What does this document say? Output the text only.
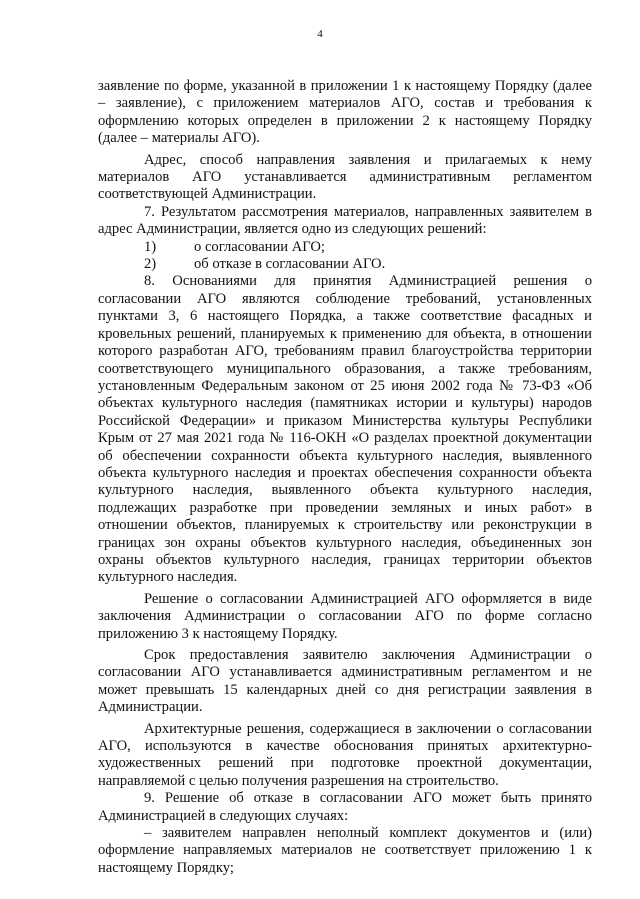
4

заявление по форме, указанной в приложении 1 к настоящему Порядку (далее – заявление), с приложением материалов АГО, состав и требования к оформлению которых определен в приложении 2 к настоящему Порядку (далее – материалы АГО).

Адрес, способ направления заявления и прилагаемых к нему материалов АГО устанавливается административным регламентом соответствующей Администрации.

7. Результатом рассмотрения материалов, направленных заявителем в адрес Администрации, является одно из следующих решений:

1)	о согласовании АГО;
2)	об отказе в согласовании АГО.

8. Основаниями для принятия Администрацией решения о согласовании АГО являются соблюдение требований, установленных пунктами 3, 6 настоящего Порядка, а также соответствие фасадных и кровельных решений, планируемых к применению для объекта, в отношении которого разработан АГО, требованиям правил благоустройства территории соответствующего муниципального образования, а также требованиям, установленным Федеральным законом от 25 июня 2002 года № 73-ФЗ «Об объектах культурного наследия (памятниках истории и культуры) народов Российской Федерации» и приказом Министерства культуры Республики Крым от 27 мая 2021 года № 116-ОКН «О разделах проектной документации об обеспечении сохранности объекта культурного наследия, выявленного объекта культурного наследия и проектах обеспечения сохранности объекта культурного наследия, выявленного объекта культурного наследия, подлежащих разработке при проведении земляных и иных работ» в отношении объектов, планируемых к строительству или реконструкции в границах зон охраны объектов культурного наследия, объединенных зон охраны объектов культурного наследия, границах территории объектов культурного наследия.

Решение о согласовании Администрацией АГО оформляется в виде заключения Администрации о согласовании АГО по форме согласно приложению 3 к настоящему Порядку.

Срок предоставления заявителю заключения Администрации о согласовании АГО устанавливается административным регламентом и не может превышать 15 календарных дней со дня регистрации заявления в Администрации.

Архитектурные решения, содержащиеся в заключении о согласовании АГО, используются в качестве обоснования принятых архитектурно-художественных решений при подготовке проектной документации, направляемой с целью получения разрешения на строительство.

9. Решение об отказе в согласовании АГО может быть принято Администрацией в следующих случаях:

– заявителем направлен неполный комплект документов и (или) оформление направляемых материалов не соответствует приложению 1 к настоящему Порядку;
